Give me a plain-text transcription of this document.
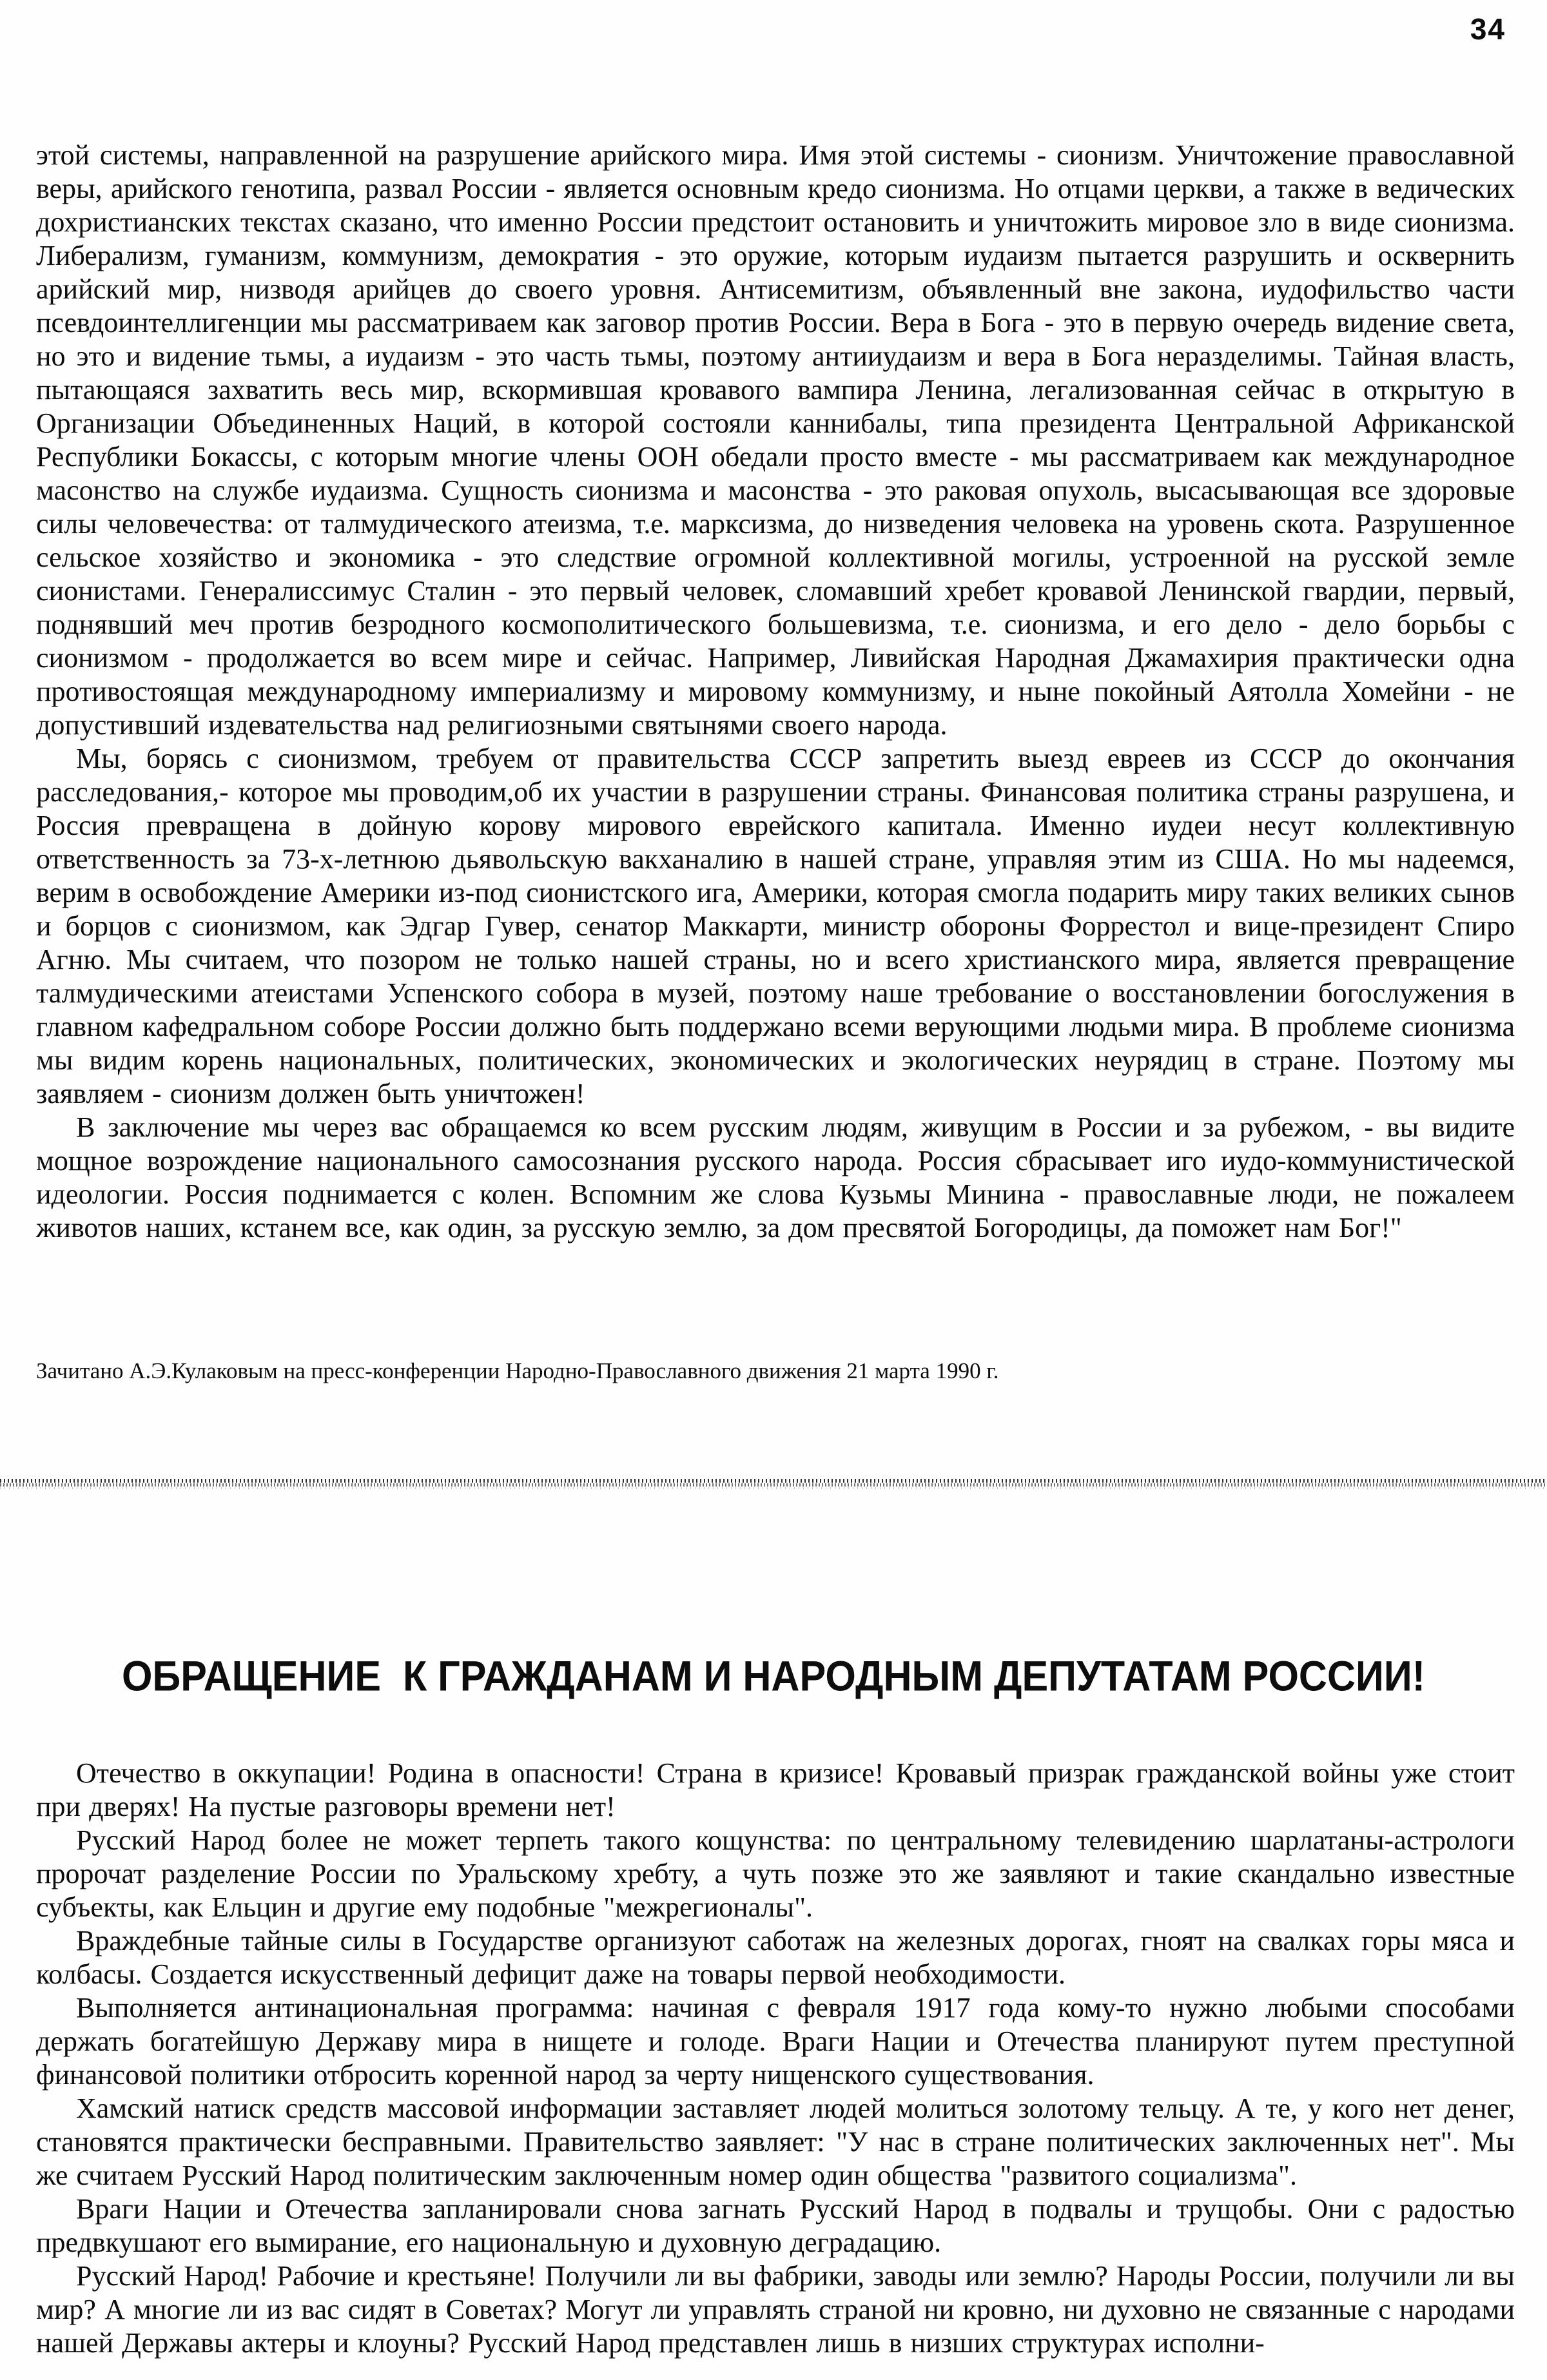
34

этой системы, направленной на разрушение арийского мира. Имя этой системы - сионизм. Уничтожение православной веры, арийского генотипа, развал России - является основным кредо сионизма. Но отцами церкви, а также в ведических дохристианских текстах сказано, что именно России предстоит остановить и уничтожить мировое зло в виде сионизма. Либерализм, гуманизм, коммунизм, демократия - это оружие, которым иудаизм пытается разрушить и осквернить арийский мир, низводя арийцев до своего уровня. Антисемитизм, объявленный вне закона, иудофильство части псевдоинтеллигенции мы рассматриваем как заговор против России. Вера в Бога - это в первую очередь видение света, но это и видение тьмы, а иудаизм - это часть тьмы, поэтому антииудаизм и вера в Бога неразделимы. Тайная власть, пытающаяся захватить весь мир, вскормившая кровавого вампира Ленина, легализованная сейчас в открытую в Организации Объединенных Наций, в которой состояли каннибалы, типа президента Центральной Африканской Республики Бокассы, с которым многие члены ООН обедали просто вместе - мы рассматриваем как международное масонство на службе иудаизма. Сущность сионизма и масонства - это раковая опухоль, высасывающая все здоровые силы человечества: от талмудического атеизма, т.е. марксизма, до низведения человека на уровень скота. Разрушенное сельское хозяйство и экономика - это следствие огромной коллективной могилы, устроенной на русской земле сионистами. Генералиссимус Сталин - это первый человек, сломавший хребет кровавой Ленинской гвардии, первый, поднявший меч против безродного космополитического большевизма, т.е. сионизма, и его дело - дело борьбы с сионизмом - продолжается во всем мире и сейчас. Например, Ливийская Народная Джамахирия практически одна противостоящая международному империализму и мировому коммунизму, и ныне покойный Аятолла Хомейни - не допустивший издевательства над религиозными святынями своего народа.

Мы, борясь с сионизмом, требуем от правительства СССР запретить выезд евреев из СССР до окончания расследования,- которое мы проводим,об их участии в разрушении страны. Финансовая политика страны разрушена, и Россия превращена в дойную корову мирового еврейского капитала. Именно иудеи несут коллективную ответственность за 73-х-летнюю дьявольскую вакханалию в нашей стране, управляя этим из США. Но мы надеемся, верим в освобождение Америки из-под сионистского ига, Америки, которая смогла подарить миру таких великих сынов и борцов с сионизмом, как Эдгар Гувер, сенатор Маккарти, министр обороны Форрестол и вице-президент Спиро Агню. Мы считаем, что позором не только нашей страны, но и всего христианского мира, является превращение талмудическими атеистами Успенского собора в музей, поэтому наше требование о восстановлении богослужения в главном кафедральном соборе России должно быть поддержано всеми верующими людьми мира. В проблеме сионизма мы видим корень национальных, политических, экономических и экологических неурядиц в стране. Поэтому мы заявляем - сионизм должен быть уничтожен!

В заключение мы через вас обращаемся ко всем русским людям, живущим в России и за рубежом, - вы видите мощное возрождение национального самосознания русского народа. Россия сбрасывает иго иудо-коммунистической идеологии. Россия поднимается с колен. Вспомним же слова Кузьмы Минина - православные люди, не пожалеем животов наших, кстанем все, как один, за русскую землю, за дом пресвятой Богородицы, да поможет нам Бог!"

Зачитано А.Э.Кулаковым на пресс-конференции Народно-Православного движения 21 марта 1990 г.
ОБРАЩЕНИЕ  К ГРАЖДАНАМ И НАРОДНЫМ ДЕПУТАТАМ РОССИИ!

Отечество в оккупации! Родина в опасности! Страна в кризисе! Кровавый призрак гражданской войны уже стоит при дверях! На пустые разговоры времени нет!

Русский Народ более не может терпеть такого кощунства: по центральному телевидению шарлатаны-астрологи пророчат разделение России по Уральскому хребту, а чуть позже это же заявляют и такие скандально известные субъекты, как Ельцин и другие ему подобные "межрегионалы".

Враждебные тайные силы в Государстве организуют саботаж на железных дорогах, гноят на свалках горы мяса и колбасы. Создается искусственный дефицит даже на товары первой необходимости.

Выполняется антинациональная программа: начиная с февраля 1917 года кому-то нужно любыми способами держать богатейшую Державу мира в нищете и голоде. Враги Нации и Отечества планируют путем преступной финансовой политики отбросить коренной народ за черту нищенского существования.

Хамский натиск средств массовой информации заставляет людей молиться золотому тельцу. А те, у кого нет денег, становятся практически бесправными. Правительство заявляет: "У нас в стране политических заключенных нет". Мы же считаем Русский Народ политическим заключенным номер один общества "развитого социализма".

Враги Нации и Отечества запланировали снова загнать Русский Народ в подвалы и трущобы. Они с радостью предвкушают его вымирание, его национальную и духовную деградацию.

Русский Народ! Рабочие и крестьяне! Получили ли вы фабрики, заводы или землю? Народы России, получили ли вы мир? А многие ли из вас сидят в Советах? Могут ли управлять страной ни кровно, ни духовно не связанные с народами нашей Державы актеры и клоуны? Русский Народ представлен лишь в низших структурах исполни-
